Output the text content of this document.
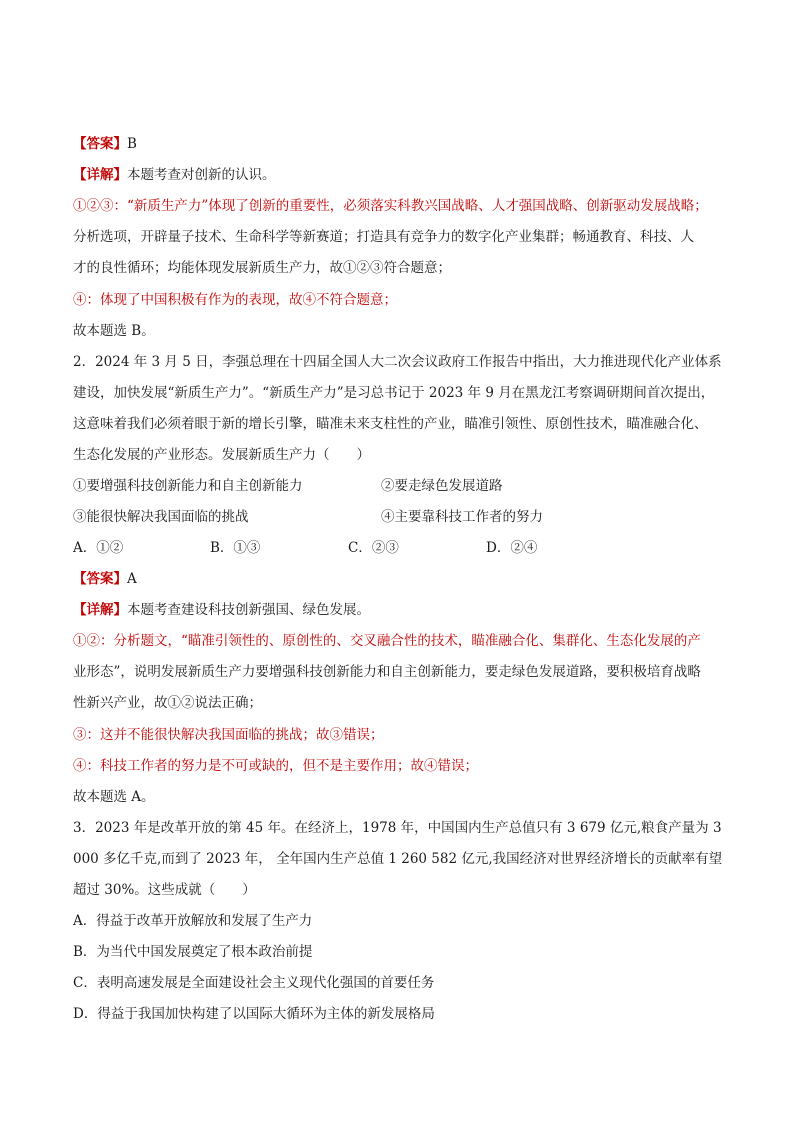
【答案】B
【详解】本题考查对创新的认识。
①②③：“新质生产力”体现了创新的重要性，必须落实科教兴国战略、人才强国战略、创新驱动发展战略；
分析选项，开辟量子技术、生命科学等新赛道；打造具有竞争力的数字化产业集群；畅通教育、科技、人
才的良性循环；均能体现发展新质生产力，故①②③符合题意；
④：体现了中国积极有作为的表现，故④不符合题意；
故本题选 B。
2．2024 年 3 月 5 日，李强总理在十四届全国人大二次会议政府工作报告中指出，大力推进现代化产业体系
建设，加快发展“新质生产力”。“新质生产力”是习总书记于 2023 年 9 月在黑龙江考察调研期间首次提出，
这意味着我们必须着眼于新的增长引擎，瞄准未来支柱性的产业，瞄准引领性、原创性技术，瞄准融合化、
生态化发展的产业形态。发展新质生产力（　　）
①要增强科技创新能力和自主创新能力	②要走绿色发展道路
③能很快解决我国面临的挑战	④主要靠科技工作者的努力
A．①②	B．①③	C．②③	D．②④
【答案】A
【详解】本题考查建设科技创新强国、绿色发展。
①②：分析题文，“瞄准引领性的、原创性的、交叉融合性的技术，瞄准融合化、集群化、生态化发展的产
业形态”，说明发展新质生产力要增强科技创新能力和自主创新能力，要走绿色发展道路，要积极培育战略
性新兴产业，故①②说法正确；
③：这并不能很快解决我国面临的挑战；故③错误；
④：科技工作者的努力是不可或缺的，但不是主要作用；故④错误；
故本题选 A。
3．2023 年是改革开放的第 45 年。在经济上，1978 年，中国国内生产总值只有 3 679 亿元,粮食产量为 3
000 多亿千克,而到了 2023 年， 全年国内生产总值 1 260 582 亿元,我国经济对世界经济增长的贡献率有望
超过 30%。这些成就（　　）
A．得益于改革开放解放和发展了生产力
B．为当代中国发展奠定了根本政治前提
C．表明高速发展是全面建设社会主义现代化强国的首要任务
D．得益于我国加快构建了以国际大循环为主体的新发展格局
